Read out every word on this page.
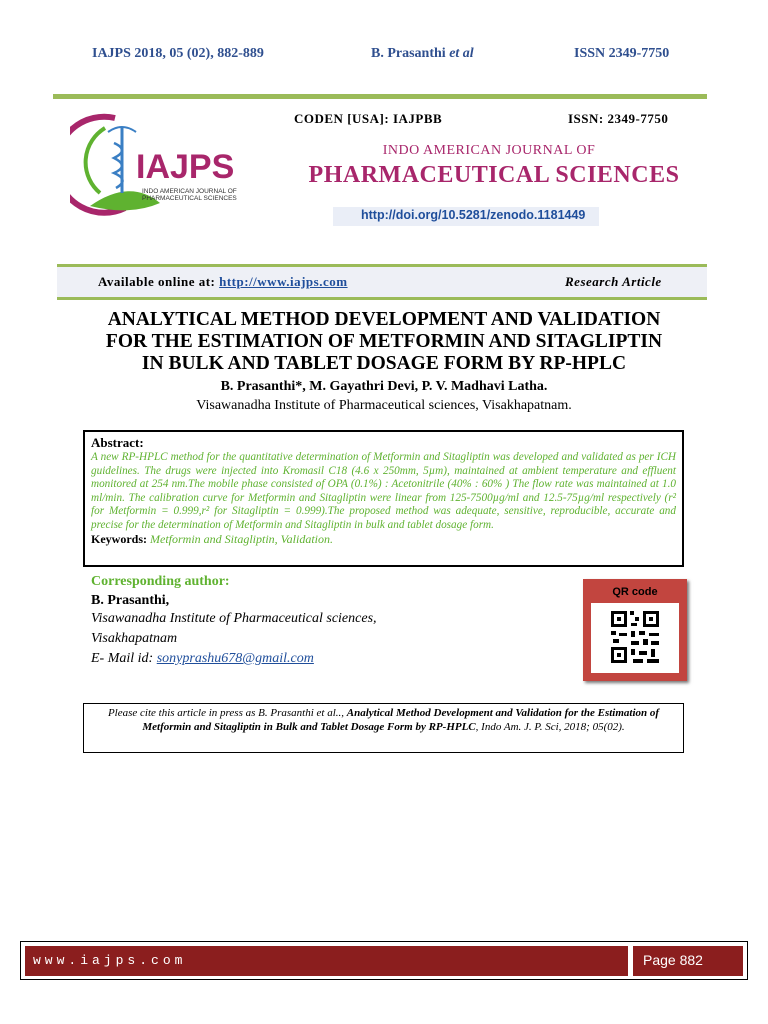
IAJPS 2018, 05 (02), 882-889	B. Prasanthi et al	ISSN 2349-7750
IAJPS
INDO AMERICAN JOURNAL OF
PHARMACEUTICAL SCIENCES
CODEN [USA]: IAJPBB	ISSN: 2349-7750
INDO AMERICAN JOURNAL OF
PHARMACEUTICAL SCIENCES
http://doi.org/10.5281/zenodo.1181449
Available online at: http://www.iajps.com	Research Article
ANALYTICAL METHOD DEVELOPMENT AND VALIDATION
FOR THE ESTIMATION OF METFORMIN AND SITAGLIPTIN
IN BULK AND TABLET DOSAGE FORM BY RP-HPLC
B. Prasanthi*, M. Gayathri Devi, P. V. Madhavi Latha.
Visawanadha Institute of Pharmaceutical sciences, Visakhapatnam.
Abstract:
A new RP-HPLC method for the quantitative determination of Metformin and Sitagliptin was developed and validated as per ICH guidelines. The drugs were injected into Kromasil C18 (4.6 x 250mm, 5µm), maintained at ambient temperature and effluent monitored at 254 nm.The mobile phase consisted of OPA (0.1%) : Acetonitrile (40% : 60% ) The flow rate was maintained at 1.0 ml/min. The calibration curve for Metformin and Sitagliptin were linear from 125-7500µg/ml and 12.5-75µg/ml respectively (r² for Metformin = 0.999,r² for Sitagliptin = 0.999).The proposed method was adequate, sensitive, reproducible, accurate and precise for the determination of Metformin and Sitagliptin in bulk and tablet dosage form.
Keywords: Metformin and Sitagliptin, Validation.
Corresponding author:
B. Prasanthi,
Visawanadha Institute of Pharmaceutical sciences,
Visakhapatnam
E- Mail id: sonyprashu678@gmail.com
QR code
Please cite this article in press as B. Prasanthi et al.., Analytical Method Development and Validation for the Estimation of Metformin and Sitagliptin in Bulk and Tablet Dosage Form by RP-HPLC, Indo Am. J. P. Sci, 2018; 05(02).
www.iajps.com	Page 882
